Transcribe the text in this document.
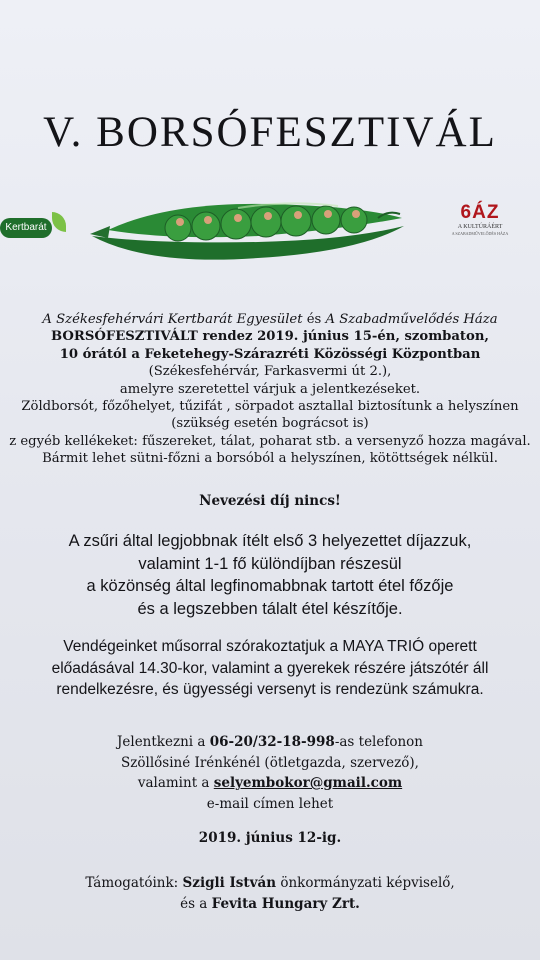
V. BORSÓFESZTIVÁL
Kertbarát
6ÁZ
A KULTÚRÁÉRT
A SZABADMŰVELŐDÉS HÁZA
A Székesfehérvári Kertbarát Egyesület és A Szabadművelődés Háza
BORSÓFESZTIVÁLT rendez 2019. június 15-én, szombaton,
10 órától a Feketehegy-Szárazréti Közösségi Központban
(Székesfehérvár, Farkasvermi út 2.),
amelyre szeretettel várjuk a jelentkezéseket.
Zöldborsót, főzőhelyet, tűzifát , sörpadot asztallal biztosítunk a helyszínen
(szükség esetén bográcsot is)
z egyéb kellékeket: fűszereket, tálat, poharat stb. a versenyző hozza magával.
Bármit lehet sütni-főzni a borsóból a helyszínen, kötöttségek nélkül.
Nevezési díj nincs!
A zsűri által legjobbnak ítélt első 3 helyezettet díjazzuk,
valamint 1-1 fő különdíjban részesül
a közönség által legfinomabbnak tartott étel főzője
és a legszebben tálalt étel készítője.
Vendégeinket műsorral szórakoztatjuk a MAYA TRIÓ operett
előadásával 14.30-kor, valamint a gyerekek részére játszótér áll
rendelkezésre, és ügyességi versenyt is rendezünk számukra.
Jelentkezni a 06-20/32-18-998-as telefonon
Szöllősiné Irénkénél (ötletgazda, szervező),
valamint a selyembokor@gmail.com
e-mail címen lehet
2019. június 12-ig.
Támogatóink: Szigli István önkormányzati képviselő,
és a Fevita Hungary Zrt.
